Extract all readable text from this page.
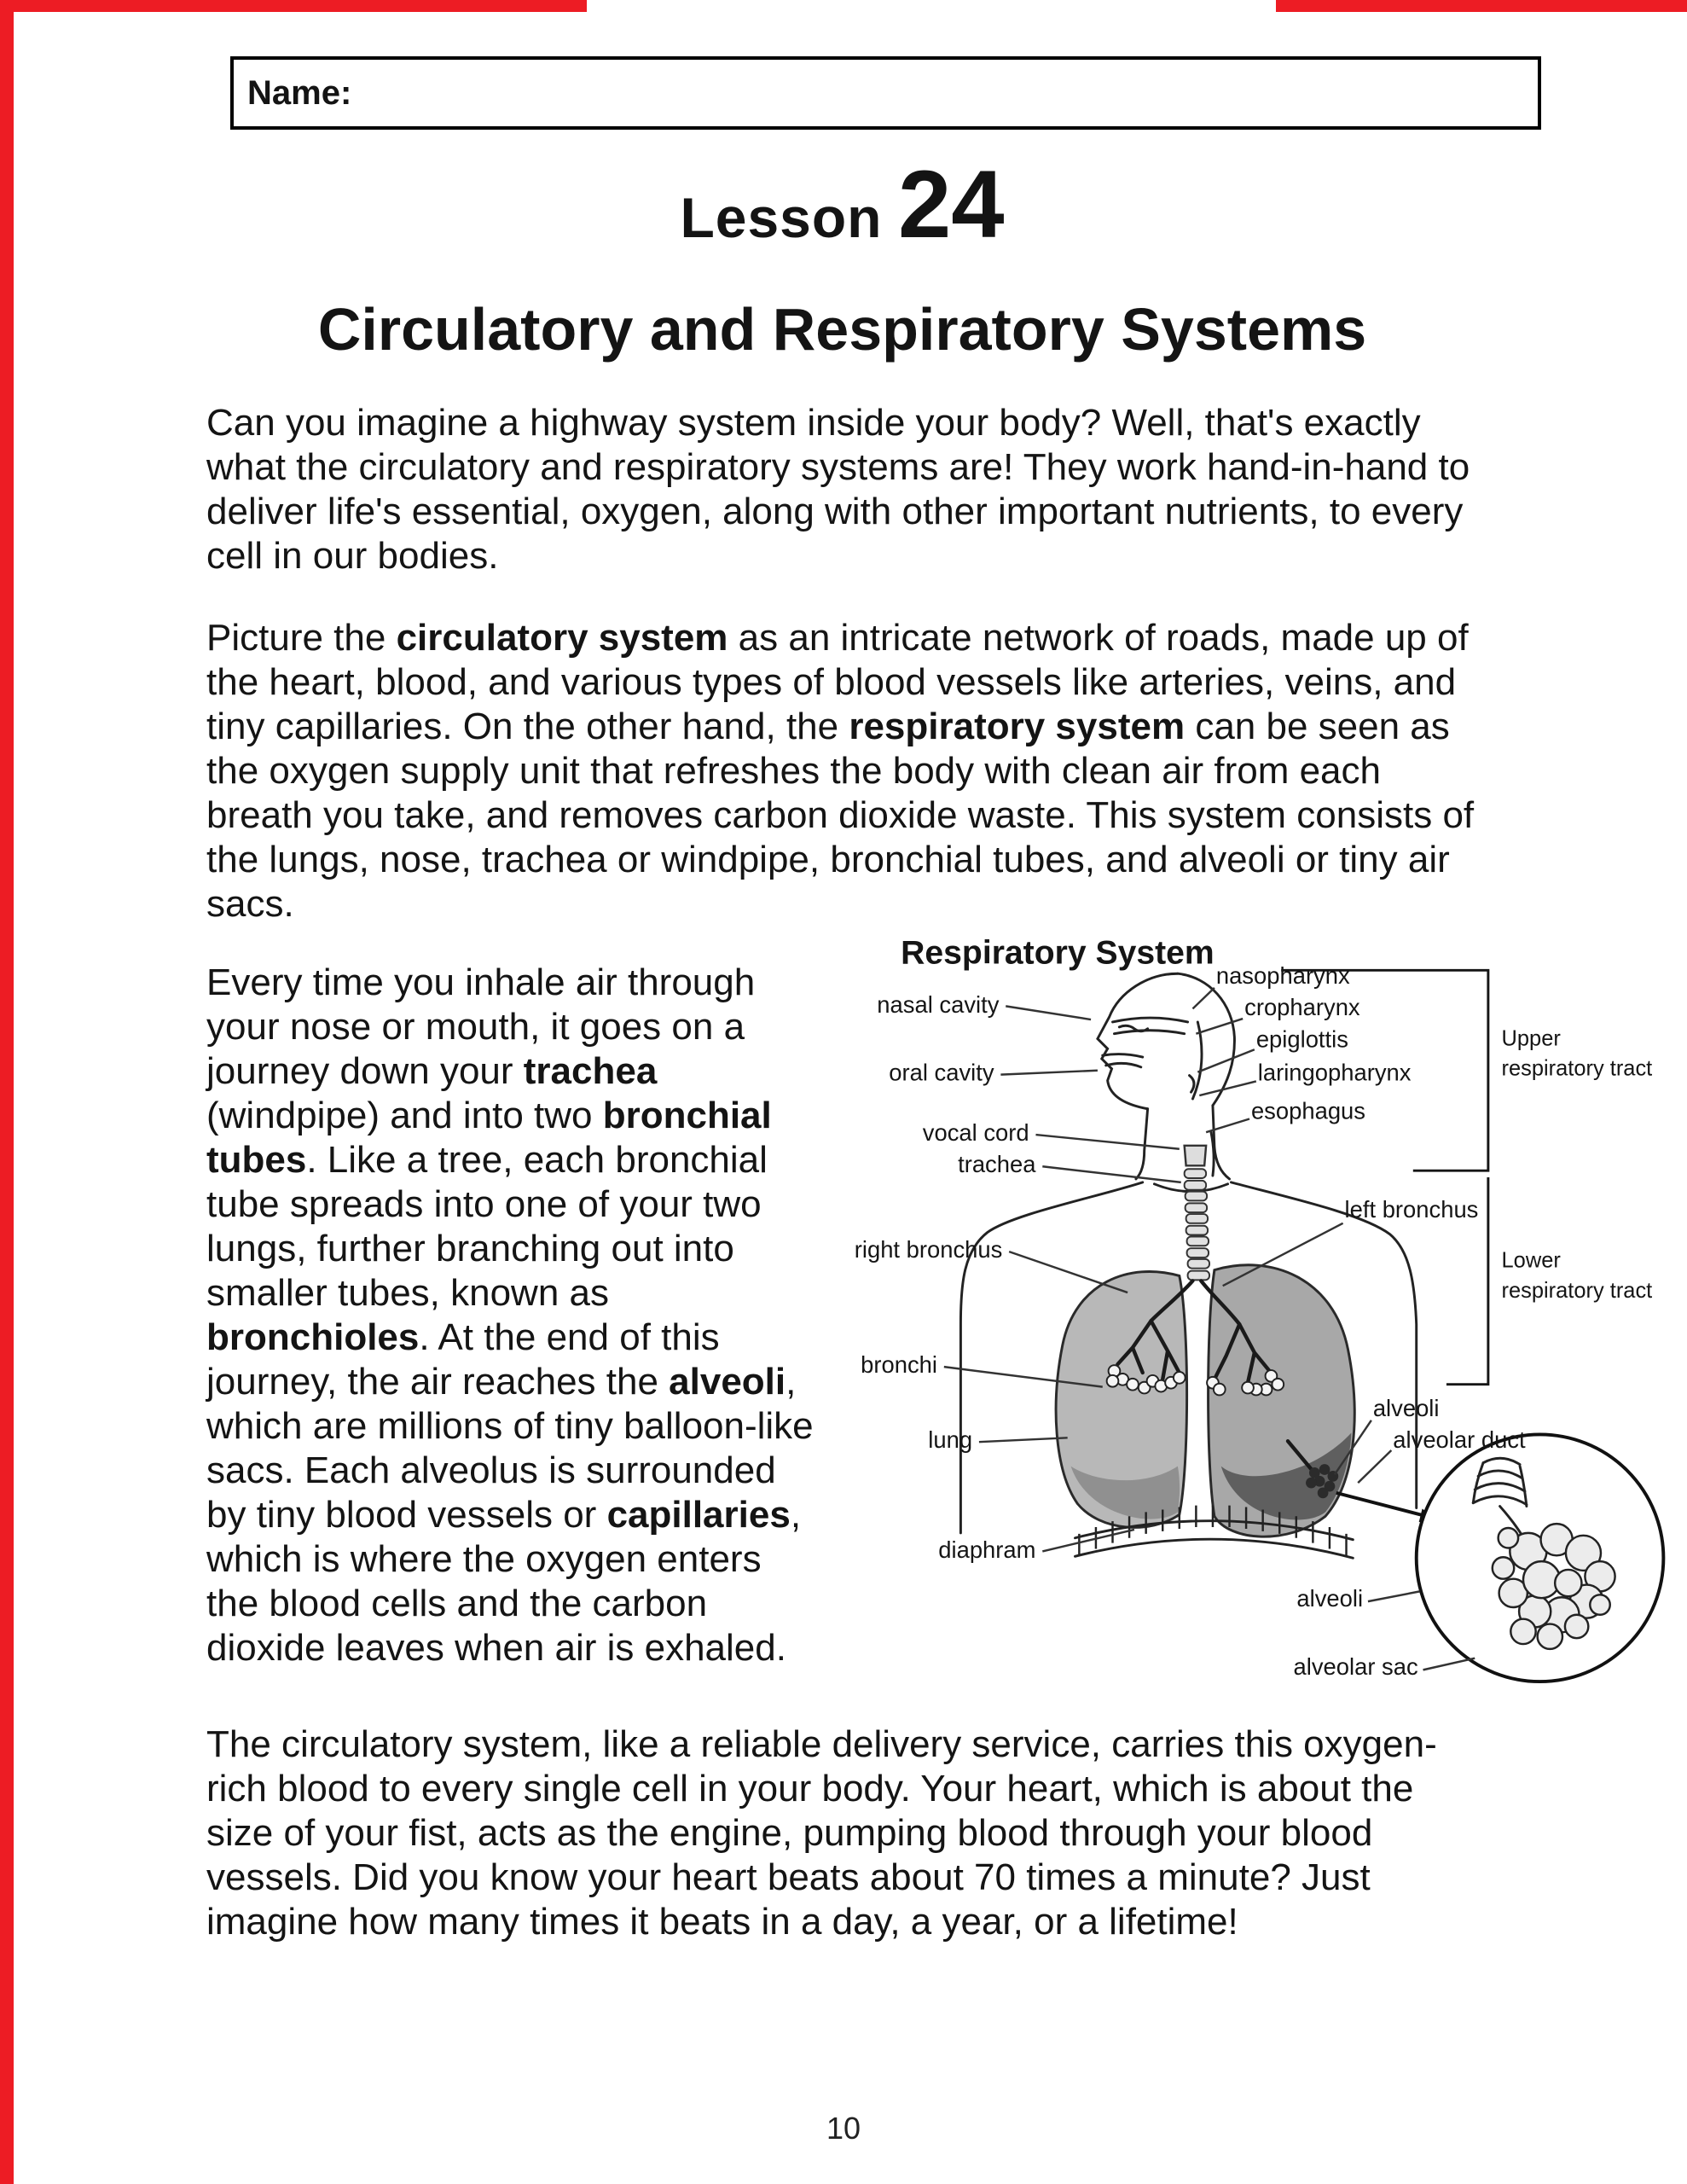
Name:
Lesson 24
Circulatory and Respiratory Systems

Can you imagine a highway system inside your body? Well, that's exactly what the circulatory and respiratory systems are! They work hand-in-hand to deliver life's essential, oxygen, along with other important nutrients, to every cell in our bodies.

Picture the circulatory system as an intricate network of roads, made up of the heart, blood, and various types of blood vessels like arteries, veins, and tiny capillaries. On the other hand, the respiratory system can be seen as the oxygen supply unit that refreshes the body with clean air from each breath you take, and removes carbon dioxide waste. This system consists of the lungs, nose, trachea or windpipe, bronchial tubes, and alveoli or tiny air sacs.

Every time you inhale air through your nose or mouth, it goes on a journey down your trachea (windpipe) and into two bronchial tubes. Like a tree, each bronchial tube spreads into one of your two lungs, further branching out into smaller tubes, known as bronchioles. At the end of this journey, the air reaches the alveoli, which are millions of tiny balloon-like sacs. Each alveolus is surrounded by tiny blood vessels or capillaries, which is where the oxygen enters the blood cells and the carbon dioxide leaves when air is exhaled.

Respiratory System
nasal cavity
oral cavity
vocal cord
trachea
right bronchus
bronchi
lung
diaphram
nasopharynx
cropharynx
epiglottis
laringopharynx
esophagus
left bronchus
alveoli
alveolar duct
alveoli
alveolar sac
Upper
respiratory tract
Lower
respiratory tract

The circulatory system, like a reliable delivery service, carries this oxygen-rich blood to every single cell in your body. Your heart, which is about the size of your fist, acts as the engine, pumping blood through your blood vessels. Did you know your heart beats about 70 times a minute? Just imagine how many times it beats in a day, a year, or a lifetime!

10
